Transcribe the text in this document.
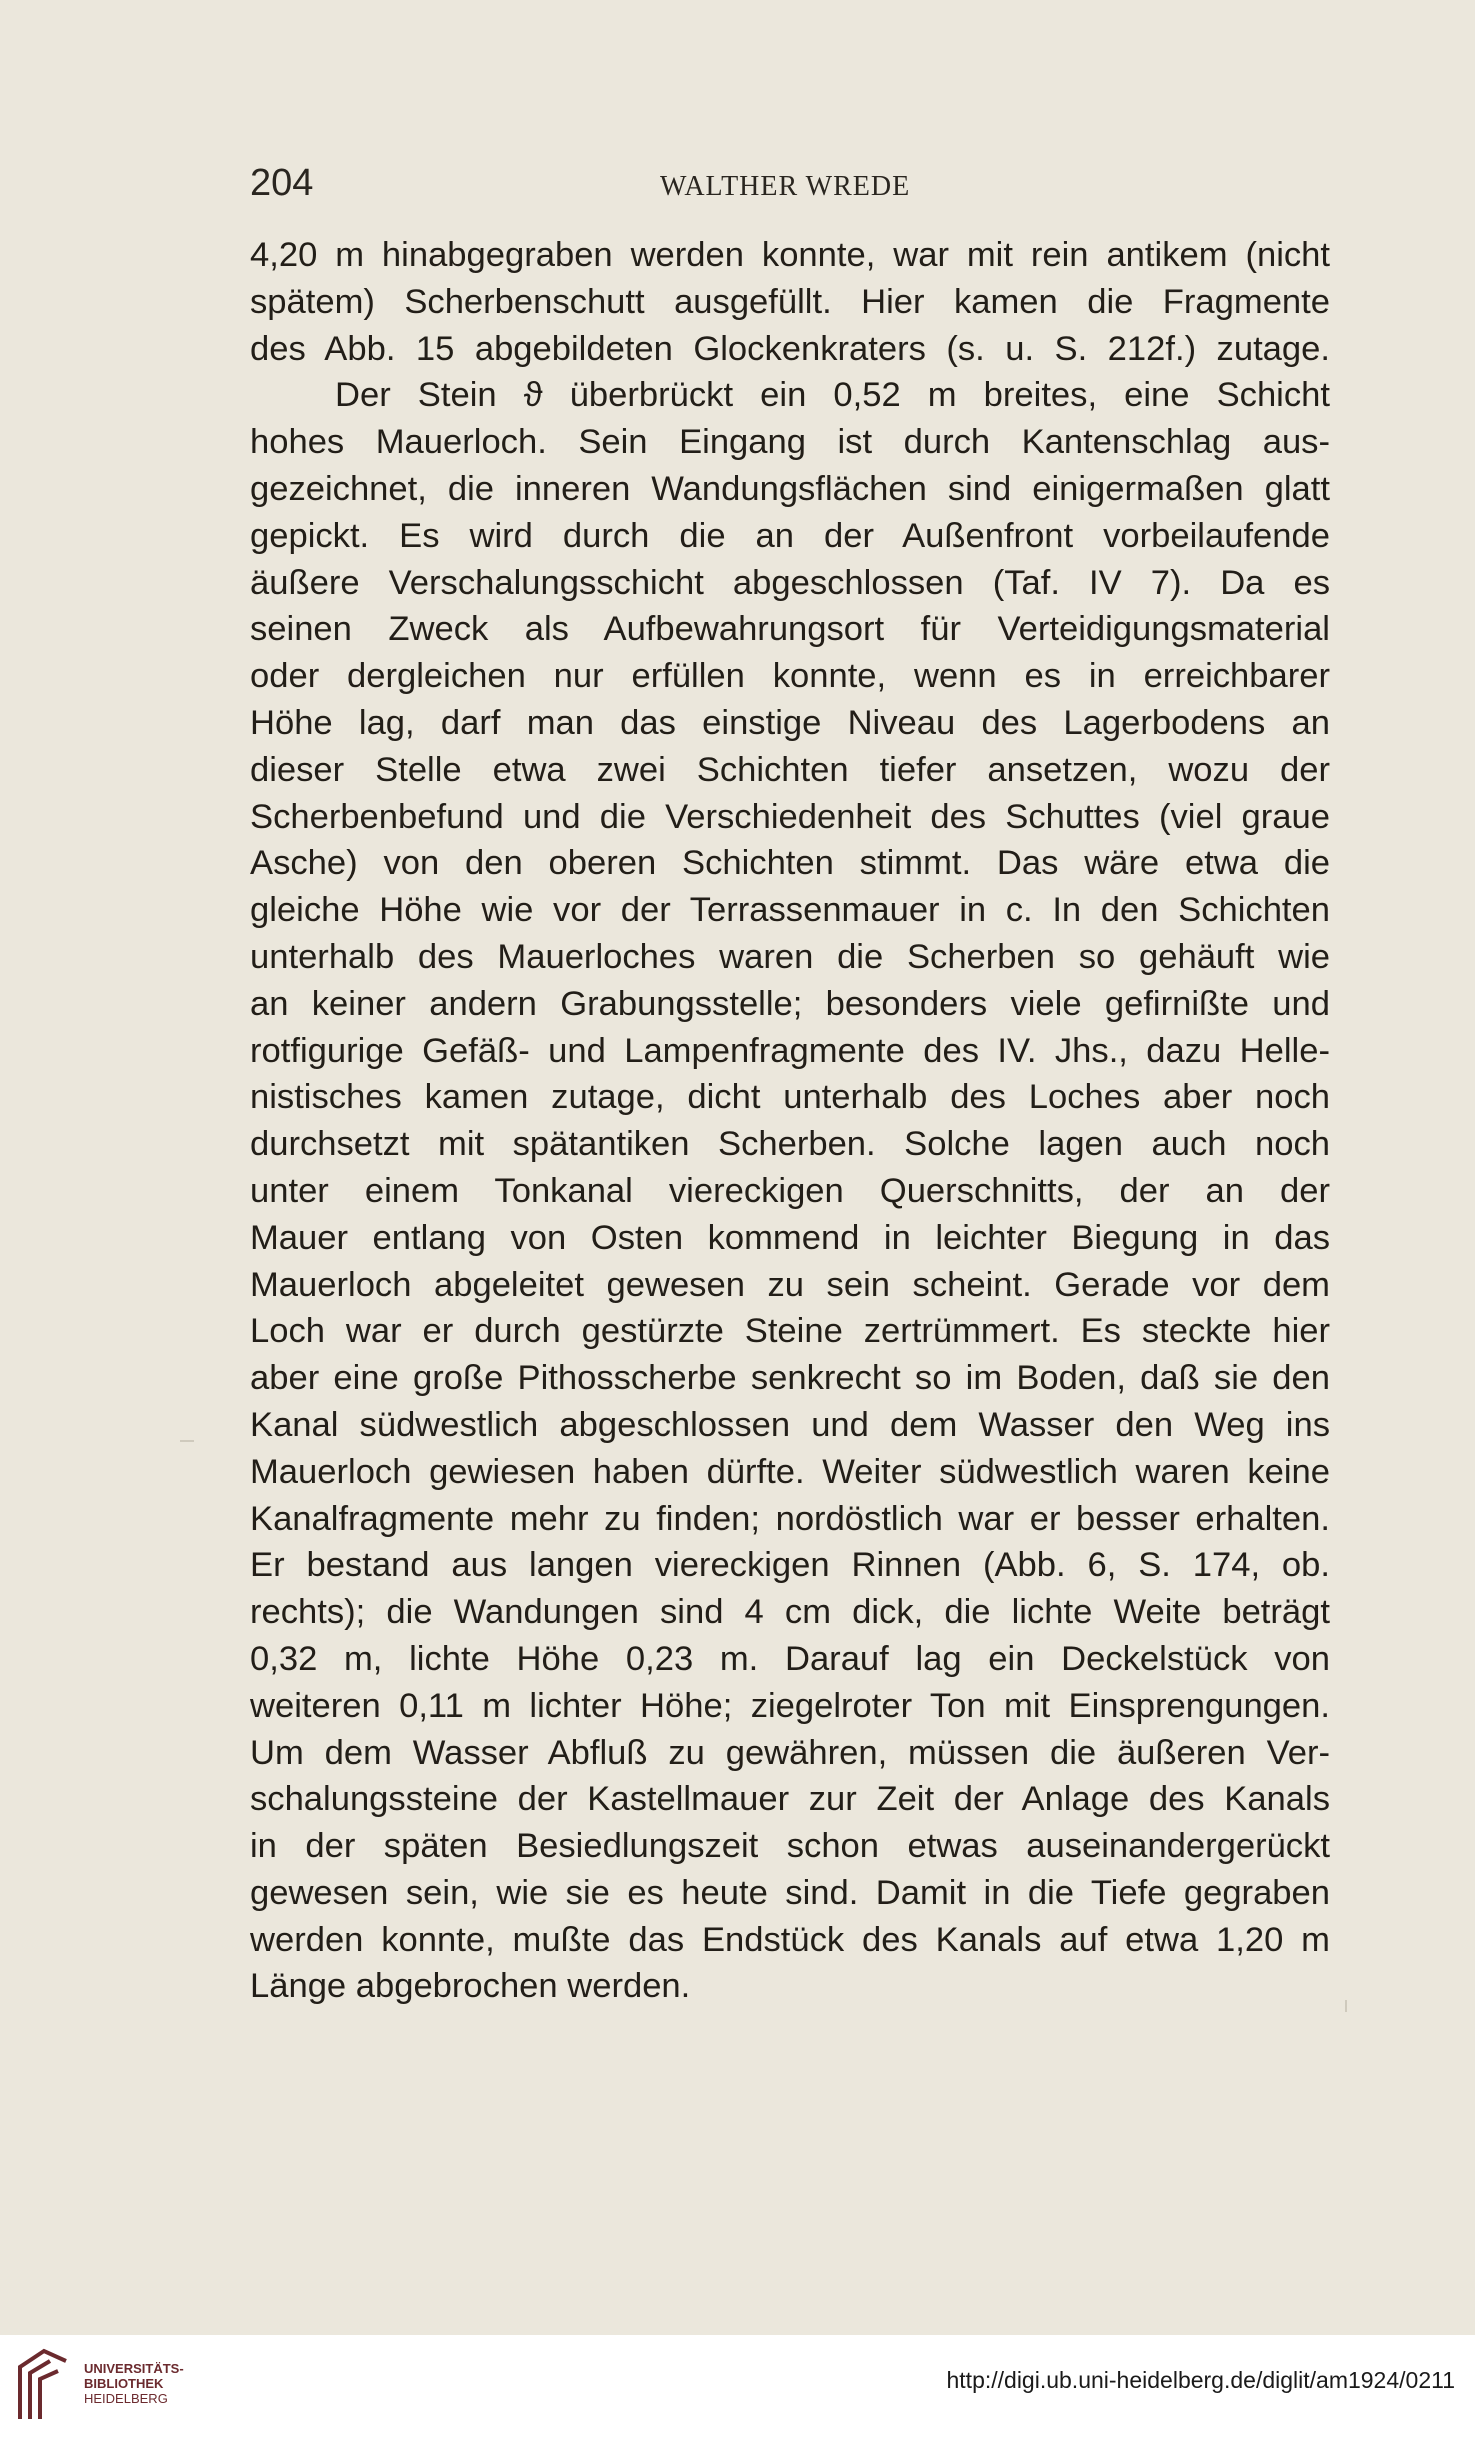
204	WALTHER WREDE
4,20 m hinabgegraben werden konnte, war mit rein antikem (nicht
spätem) Scherbenschutt ausgefüllt. Hier kamen die Fragmente
des Abb. 15 abgebildeten Glockenkraters (s. u. S. 212f.) zutage.
Der Stein ϑ überbrückt ein 0,52 m breites, eine Schicht
hohes Mauerloch. Sein Eingang ist durch Kantenschlag aus-
gezeichnet, die inneren Wandungsflächen sind einigermaßen glatt
gepickt. Es wird durch die an der Außenfront vorbeilaufende
äußere Verschalungsschicht abgeschlossen (Taf. IV 7). Da es
seinen Zweck als Aufbewahrungsort für Verteidigungsmaterial
oder dergleichen nur erfüllen konnte, wenn es in erreichbarer
Höhe lag, darf man das einstige Niveau des Lagerbodens an
dieser Stelle etwa zwei Schichten tiefer ansetzen, wozu der
Scherbenbefund und die Verschiedenheit des Schuttes (viel graue
Asche) von den oberen Schichten stimmt. Das wäre etwa die
gleiche Höhe wie vor der Terrassenmauer in c. In den Schichten
unterhalb des Mauerloches waren die Scherben so gehäuft wie
an keiner andern Grabungsstelle; besonders viele gefirnißte und
rotfigurige Gefäß- und Lampenfragmente des IV. Jhs., dazu Helle-
nistisches kamen zutage, dicht unterhalb des Loches aber noch
durchsetzt mit spätantiken Scherben. Solche lagen auch noch
unter einem Tonkanal viereckigen Querschnitts, der an der
Mauer entlang von Osten kommend in leichter Biegung in das
Mauerloch abgeleitet gewesen zu sein scheint. Gerade vor dem
Loch war er durch gestürzte Steine zertrümmert. Es steckte hier
aber eine große Pithosscherbe senkrecht so im Boden, daß sie den
Kanal südwestlich abgeschlossen und dem Wasser den Weg ins
Mauerloch gewiesen haben dürfte. Weiter südwestlich waren keine
Kanalfragmente mehr zu finden; nordöstlich war er besser erhalten.
Er bestand aus langen viereckigen Rinnen (Abb. 6, S. 174, ob.
rechts); die Wandungen sind 4 cm dick, die lichte Weite beträgt
0,32 m, lichte Höhe 0,23 m. Darauf lag ein Deckelstück von
weiteren 0,11 m lichter Höhe; ziegelroter Ton mit Einsprengungen.
Um dem Wasser Abfluß zu gewähren, müssen die äußeren Ver-
schalungssteine der Kastellmauer zur Zeit der Anlage des Kanals
in der späten Besiedlungszeit schon etwas auseinandergerückt
gewesen sein, wie sie es heute sind. Damit in die Tiefe gegraben
werden konnte, mußte das Endstück des Kanals auf etwa 1,20 m
Länge abgebrochen werden.
UNIVERSITÄTS-
BIBLIOTHEK
HEIDELBERG
http://digi.ub.uni-heidelberg.de/diglit/am1924/0211
